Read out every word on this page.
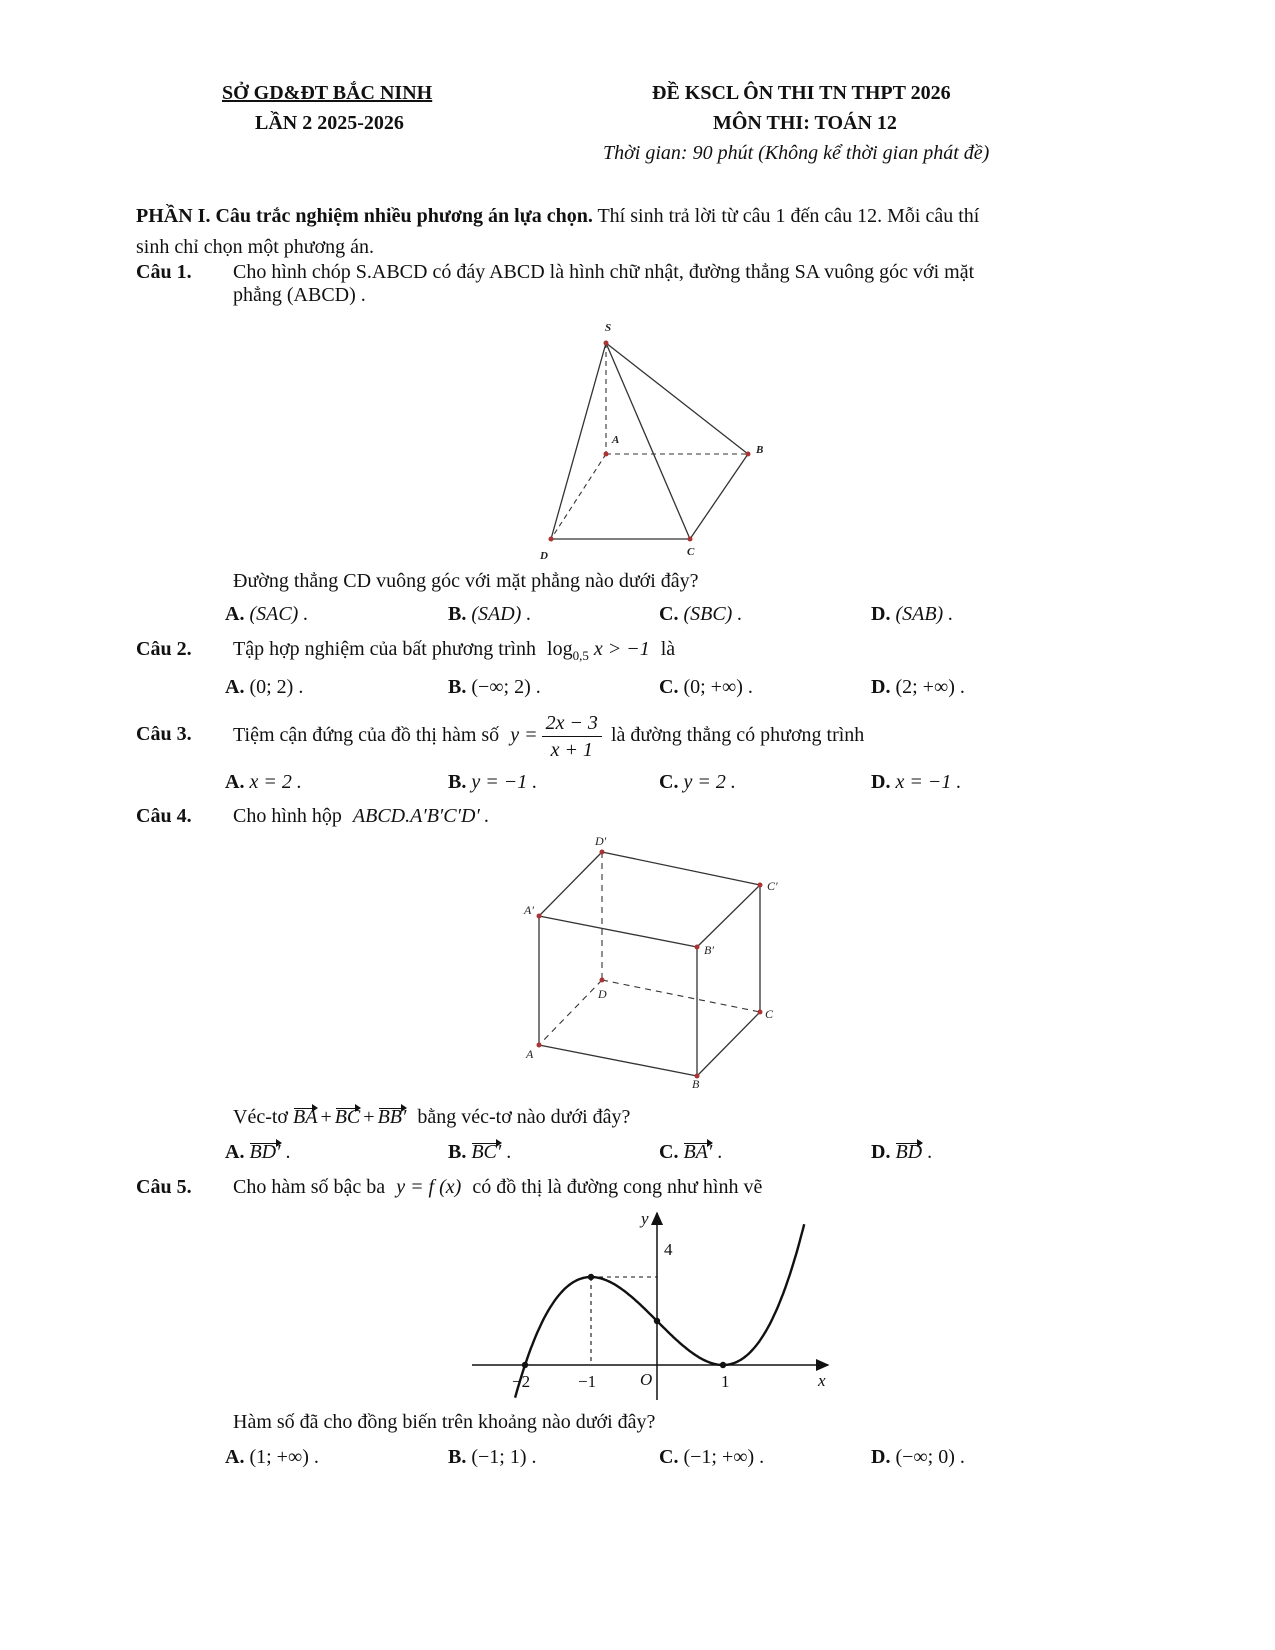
SỞ GD&ĐT BẮC NINH
LẦN 2 2025-2026
ĐỀ KSCL ÔN THI TN THPT 2026
MÔN THI: TOÁN 12
Thời gian: 90 phút (Không kể thời gian phát đề)
PHẦN I. Câu trắc nghiệm nhiều phương án lựa chọn. Thí sinh trả lời từ câu 1 đến câu 12. Mỗi câu thí
sinh chỉ chọn một phương án.
Câu 1. Cho hình chóp S.ABCD có đáy ABCD là hình chữ nhật, đường thẳng SA vuông góc với mặt
phẳng (ABCD) .
S
A
B
C
D
Đường thẳng CD vuông góc với mặt phẳng nào dưới đây?
A. (SAC) .	B. (SAD) .	C. (SBC) .	D. (SAB) .
Câu 2. Tập hợp nghiệm của bất phương trình $\log_{0,5} x > -1$ là
A. (0; 2) .	B. (−∞; 2) .	C. (0; +∞) .	D. (2; +∞) .
Câu 3. Tiệm cận đứng của đồ thị hàm số $y = \frac{2x - 3}{x + 1}$ là đường thẳng có phương trình
A. x = 2 .	B. y = −1 .	C. y = 2 .	D. x = −1 .
Câu 4. Cho hình hộp ABCD.A′B′C′D′ .
D′
C′
A′
B′
D
C
A
B
Véc-tơ BA + BC + BB′ bằng véc-tơ nào dưới đây?
A. BD′ .	B. BC′ .	C. BA′ .	D. BD .
Câu 5. Cho hàm số bậc ba y = f (x) có đồ thị là đường cong như hình vẽ
y
x
O
−2	−1	1
4
Hàm số đã cho đồng biến trên khoảng nào dưới đây?
A. (1; +∞) .	B. (−1; 1) .	C. (−1; +∞) .	D. (−∞; 0) .
